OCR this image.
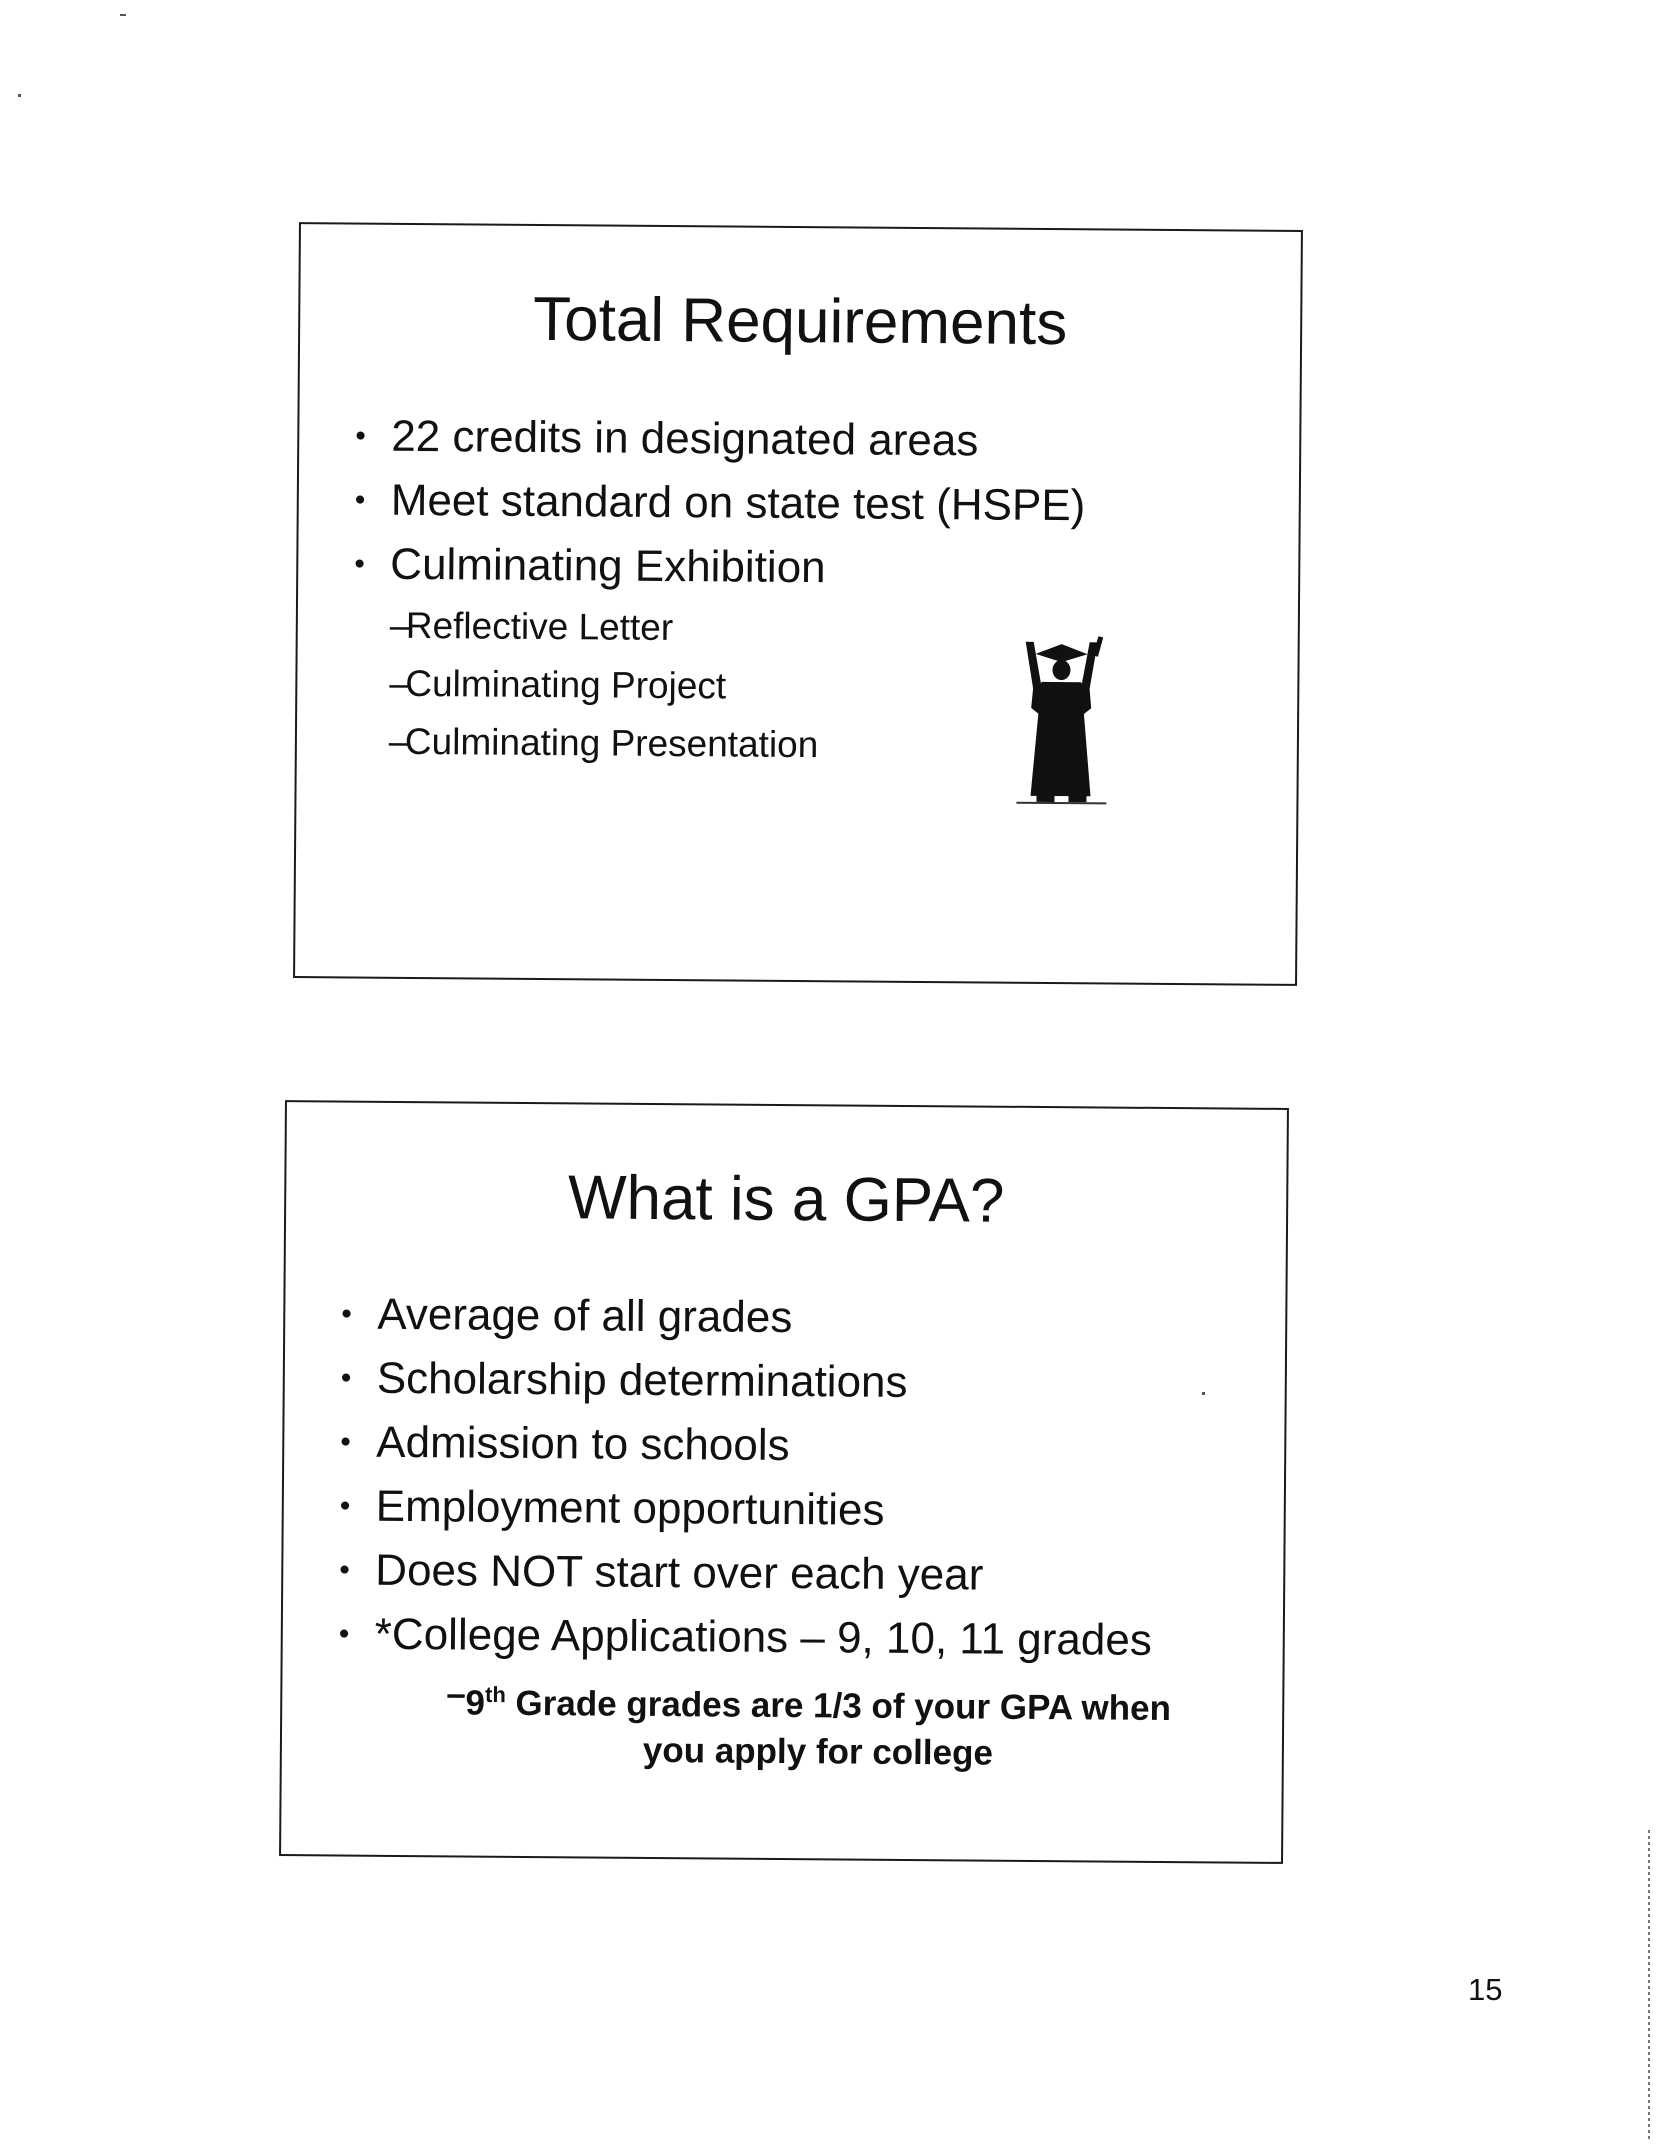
Total Requirements
• 22 credits in designated areas
• Meet standard on state test (HSPE)
• Culminating Exhibition
–
Reflective Letter
–
Culminating Project
–
Culminating Presentation
What is a GPA?
• Average of all grades
• Scholarship determinations
• Admission to schools
• Employment opportunities
• Does NOT start over each year
• *College Applications – 9, 10, 11 grades
– 9th Grade grades are 1/3 of your GPA when
you apply for college
15
